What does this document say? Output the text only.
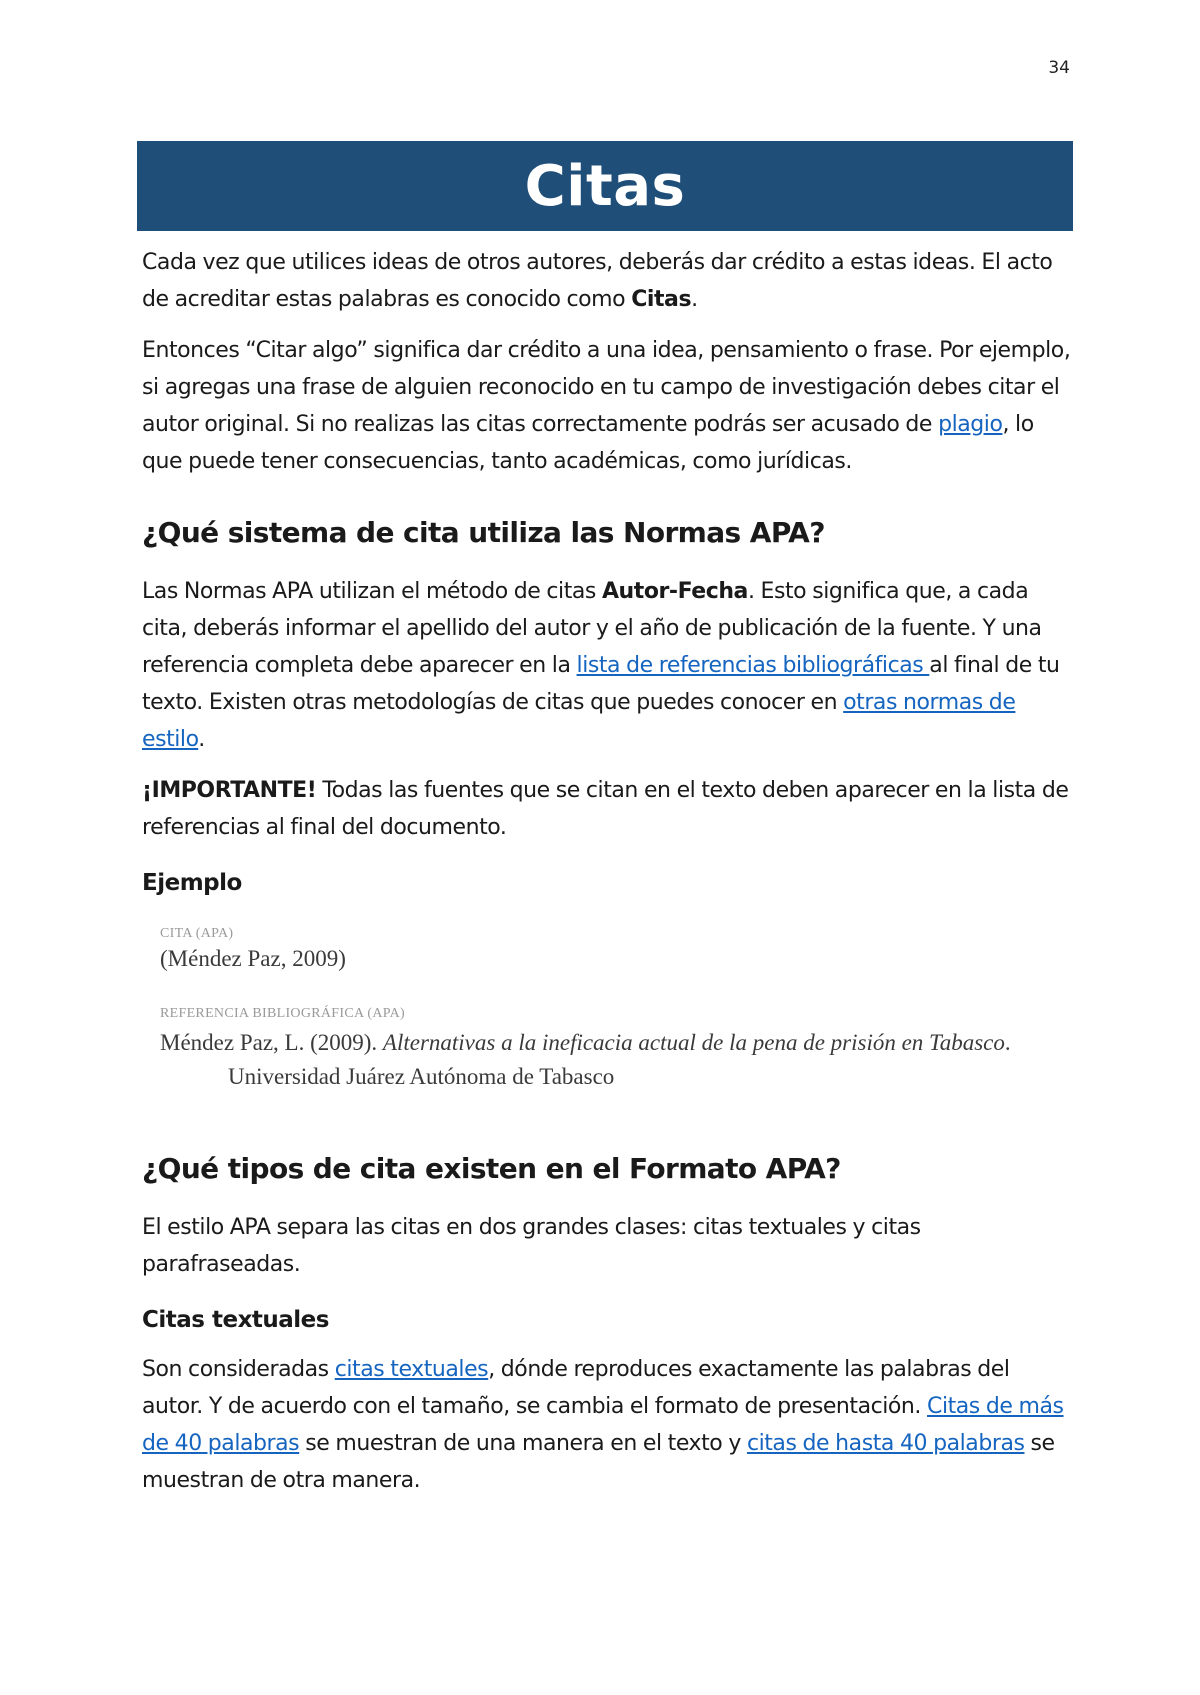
34
Citas

Cada vez que utilices ideas de otros autores, deberás dar crédito a estas ideas. El acto de acreditar estas palabras es conocido como Citas.

Entonces “Citar algo” significa dar crédito a una idea, pensamiento o frase. Por ejemplo, si agregas una frase de alguien reconocido en tu campo de investigación debes citar el autor original. Si no realizas las citas correctamente podrás ser acusado de plagio, lo que puede tener consecuencias, tanto académicas, como jurídicas.

¿Qué sistema de cita utiliza las Normas APA?

Las Normas APA utilizan el método de citas Autor-Fecha. Esto significa que, a cada cita, deberás informar el apellido del autor y el año de publicación de la fuente. Y una referencia completa debe aparecer en la lista de referencias bibliográficas al final de tu texto. Existen otras metodologías de citas que puedes conocer en otras normas de estilo.

¡IMPORTANTE! Todas las fuentes que se citan en el texto deben aparecer en la lista de referencias al final del documento.

Ejemplo
CITA (APA)
(Méndez Paz, 2009)
REFERENCIA BIBLIOGRÁFICA (APA)
Méndez Paz, L. (2009). Alternativas a la ineficacia actual de la pena de prisión en Tabasco. Universidad Juárez Autónoma de Tabasco
¿Qué tipos de cita existen en el Formato APA?

El estilo APA separa las citas en dos grandes clases: citas textuales y citas parafraseadas.

Citas textuales

Son consideradas citas textuales, dónde reproduces exactamente las palabras del autor. Y de acuerdo con el tamaño, se cambia el formato de presentación. Citas de más de 40 palabras se muestran de una manera en el texto y citas de hasta 40 palabras se muestran de otra manera.
